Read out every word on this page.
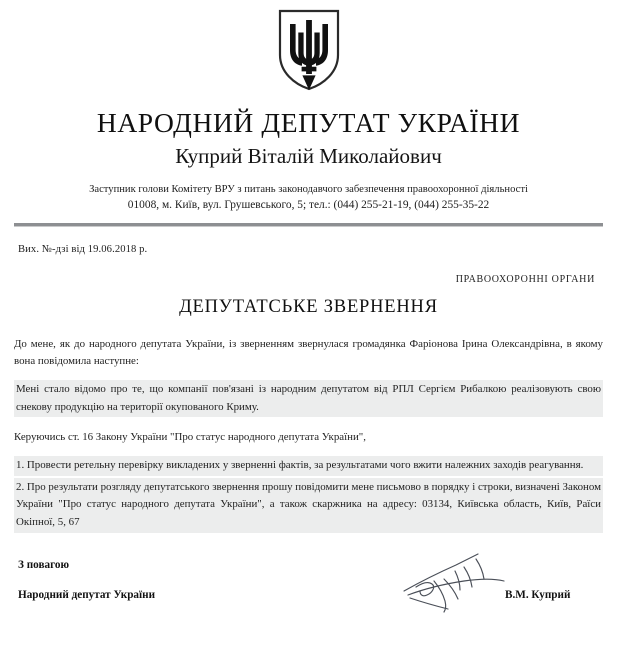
НАРОДНИЙ ДЕПУТАТ УКРАЇНИ
Куприй Віталій Миколайович
Заступник голови Комітету ВРУ з питань законодавчого забезпечення правоохоронної діяльності
01008, м. Київ, вул. Грушевського, 5; тел.: (044) 255-21-19, (044) 255-35-22
Вих. №-дзі від 19.06.2018 р.
ПРАВООХОРОННІ ОРГАНИ
ДЕПУТАТСЬКЕ ЗВЕРНЕННЯ

До мене, як до народного депутата України, із зверненням звернулася громадянка Фаріонова Ірина Олександрівна, в якому вона повідомила наступне:

Мені стало відомо про те, що компанії пов'язані із народним депутатом від РПЛ Сергієм Рибалкою реалізовують свою снекову продукцію на території окупованого Криму.

Керуючись ст. 16 Закону України "Про статус народного депутата України",

1. Провести ретельну перевірку викладених у зверненні фактів, за результатами чого вжити належних заходів реагування.

2. Про результати розгляду депутатського звернення прошу повідомити мене письмово в порядку і строки, визначені Законом України "Про статус народного депутата України", а також скаржника на адресу: 03134, Київська область, Київ, Раїси Окіпної, 5, 67

З повагою
Народний депутат України	В.М. Куприй
